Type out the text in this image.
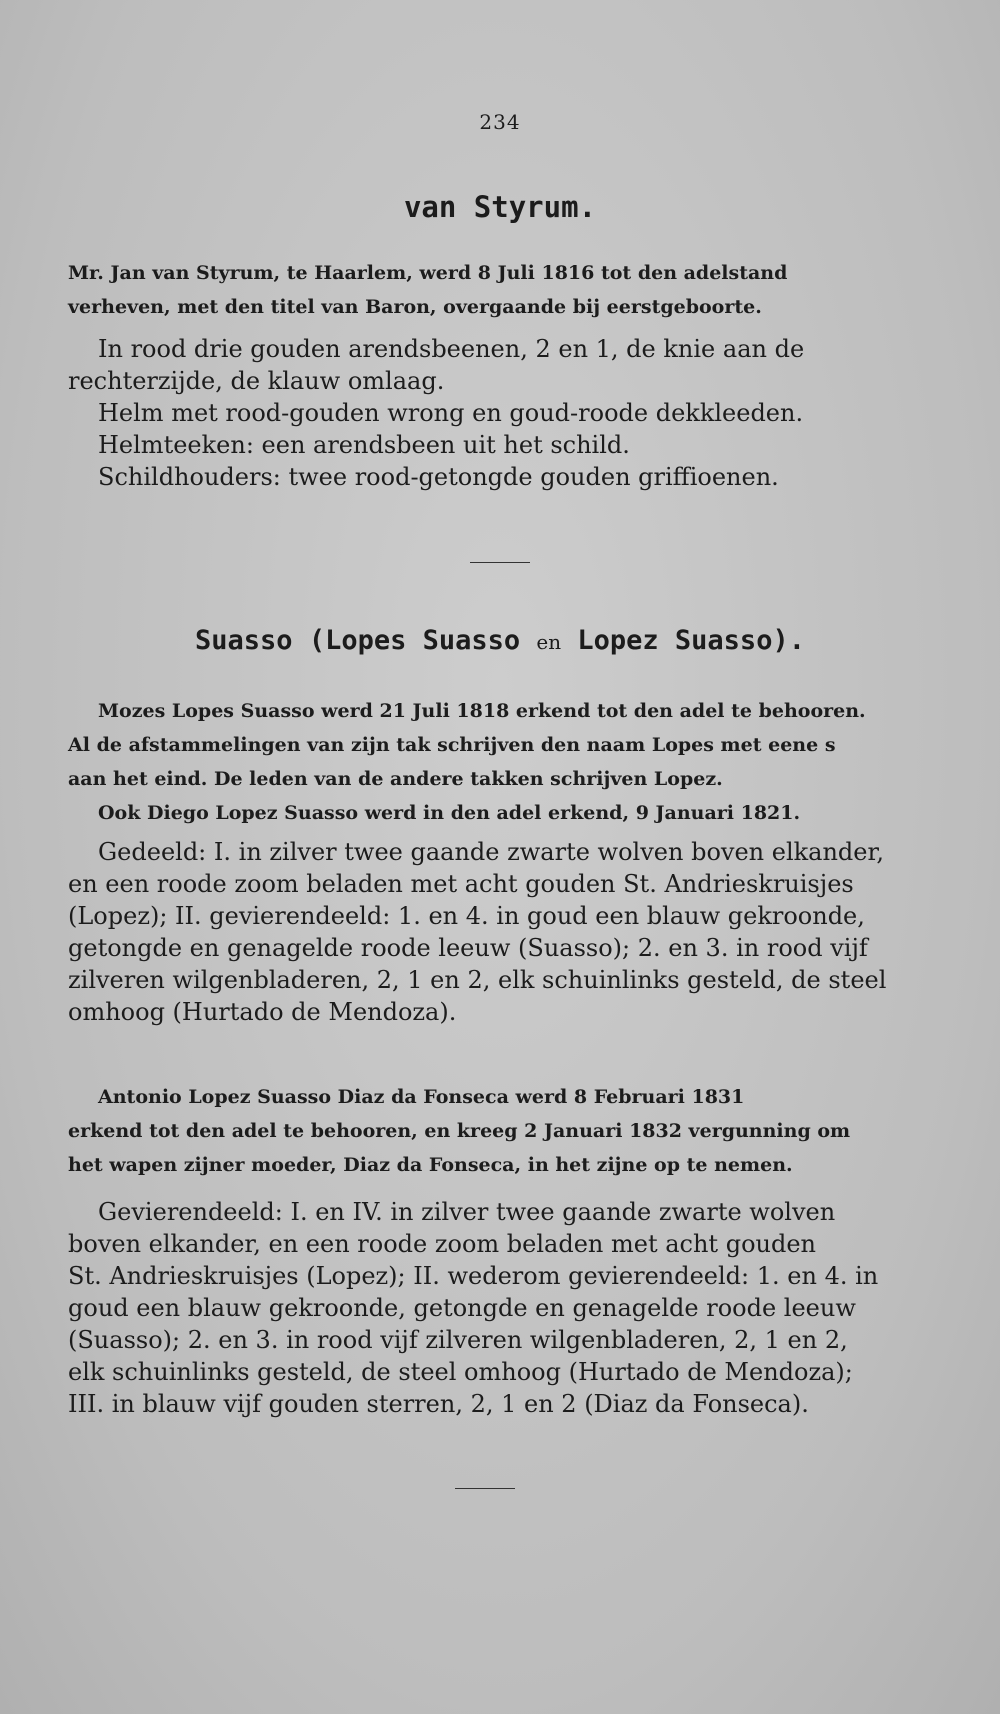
234
van Styrum.
Mr. Jan van Styrum, te Haarlem, werd 8 Juli 1816 tot den adelstand
verheven, met den titel van Baron, overgaande bij eerstgeboorte.
In rood drie gouden arendsbeenen, 2 en 1, de knie aan de
rechterzijde, de klauw omlaag.
Helm met rood-gouden wrong en goud-roode dekkleeden.
Helmteeken: een arendsbeen uit het schild.
Schildhouders: twee rood-getongde gouden griffioenen.
Suasso (Lopes Suasso en Lopez Suasso).
Mozes Lopes Suasso werd 21 Juli 1818 erkend tot den adel te behooren.
Al de afstammelingen van zijn tak schrijven den naam Lopes met eene s
aan het eind. De leden van de andere takken schrijven Lopez.
Ook Diego Lopez Suasso werd in den adel erkend, 9 Januari 1821.
Gedeeld: I. in zilver twee gaande zwarte wolven boven elkander,
en een roode zoom beladen met acht gouden St. Andrieskruisjes
(Lopez); II. gevierendeeld: 1. en 4. in goud een blauw gekroonde,
getongde en genagelde roode leeuw (Suasso); 2. en 3. in rood vijf
zilveren wilgenbladeren, 2, 1 en 2, elk schuinlinks gesteld, de steel
omhoog (Hurtado de Mendoza).
Antonio Lopez Suasso Diaz da Fonseca werd 8 Februari 1831
erkend tot den adel te behooren, en kreeg 2 Januari 1832 vergunning om
het wapen zijner moeder, Diaz da Fonseca, in het zijne op te nemen.
Gevierendeeld: I. en IV. in zilver twee gaande zwarte wolven
boven elkander, en een roode zoom beladen met acht gouden
St. Andrieskruisjes (Lopez); II. wederom gevierendeeld: 1. en 4. in
goud een blauw gekroonde, getongde en genagelde roode leeuw
(Suasso); 2. en 3. in rood vijf zilveren wilgenbladeren, 2, 1 en 2,
elk schuinlinks gesteld, de steel omhoog (Hurtado de Mendoza);
III. in blauw vijf gouden sterren, 2, 1 en 2 (Diaz da Fonseca).
